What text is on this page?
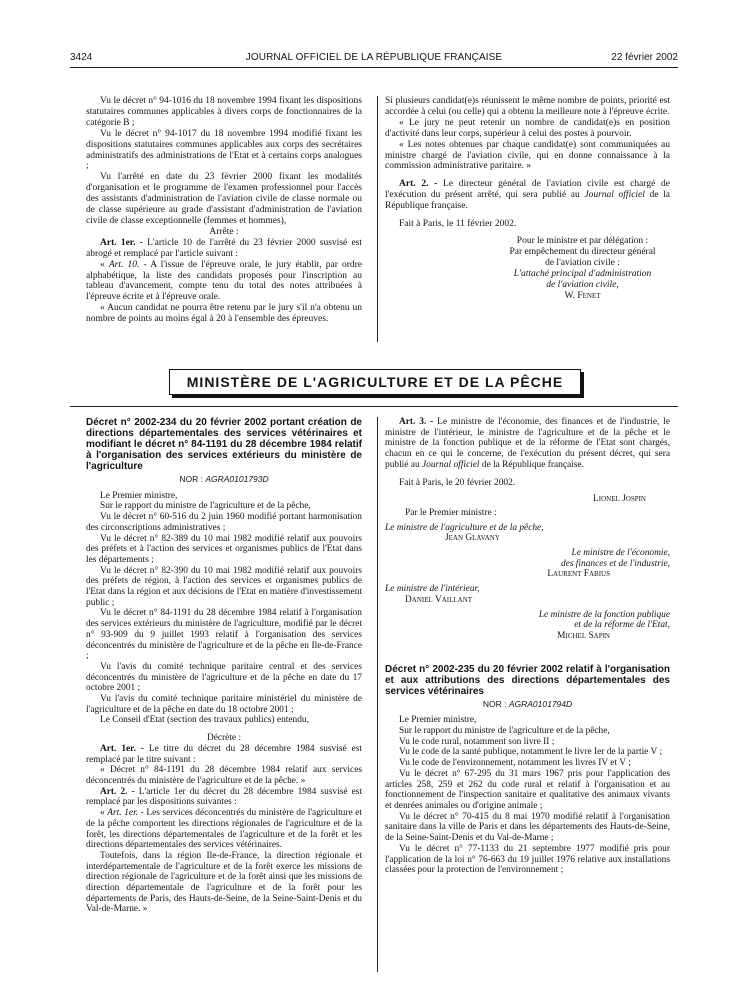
3424	JOURNAL OFFICIEL DE LA RÉPUBLIQUE FRANÇAISE	22 février 2002

Vu le décret n° 94-1016 du 18 novembre 1994 fixant les dispositions statutaires communes applicables à divers corps de fonctionnaires de la catégorie B ;

Vu le décret n° 94-1017 du 18 novembre 1994 modifié fixant les dispositions statutaires communes applicables aux corps des secrétaires administratifs des administrations de l'Etat et à certains corps analogues ;

Vu l'arrêté en date du 23 février 2000 fixant les modalités d'organisation et le programme de l'examen professionnel pour l'accès des assistants d'administration de l'aviation civile de classe normale ou de classe supérieure au grade d'assistant d'administration de l'aviation civile de classe exceptionnelle (femmes et hommes),

Arrête :

Art. 1er. - L'article 10 de l'arrêté du 23 février 2000 susvisé est abrogé et remplacé par l'article suivant :

« Art. 10. - A l'issue de l'épreuve orale, le jury établit, par ordre alphabétique, la liste des candidats proposés pour l'inscription au tableau d'avancement, compte tenu du total des notes attribuées à l'épreuve écrite et à l'épreuve orale.

« Aucun candidat ne pourra être retenu par le jury s'il n'a obtenu un nombre de points au moins égal à 20 à l'ensemble des épreuves.

Si plusieurs candidat(e)s réunissent le même nombre de points, priorité est accordée à celui (ou celle) qui a obtenu la meilleure note à l'épreuve écrite.

« Le jury ne peut retenir un nombre de candidat(e)s en position d'activité dans leur corps, supérieur à celui des postes à pourvoir.

« Les notes obtenues par chaque candidat(e) sont communiquées au ministre chargé de l'aviation civile, qui en donne connaissance à la commission administrative paritaire. »

Art. 2. - Le directeur général de l'aviation civile est chargé de l'exécution du présent arrêté, qui sera publié au Journal officiel de la République française.

Fait à Paris, le 11 février 2002.

Pour le ministre et par délégation :

Par empêchement du directeur général

de l'aviation civile :

L'attaché principal d'administration

de l'aviation civile,

W. Fenet

MINISTÈRE DE L'AGRICULTURE ET DE LA PÊCHE

Décret n° 2002-234 du 20 février 2002 portant création de directions départementales des services vétérinaires et modifiant le décret n° 84-1191 du 28 décembre 1984 relatif à l'organisation des services extérieurs du ministère de l'agriculture

NOR : AGRA0101793D

Le Premier ministre,

Sur le rapport du ministre de l'agriculture et de la pêche,

Vu le décret n° 60-516 du 2 juin 1960 modifié portant harmonisation des circonscriptions administratives ;

Vu le décret n° 82-389 du 10 mai 1982 modifié relatif aux pouvoirs des préfets et à l'action des services et organismes publics de l'Etat dans les départements ;

Vu le décret n° 82-390 du 10 mai 1982 modifié relatif aux pouvoirs des préfets de région, à l'action des services et organismes publics de l'Etat dans la région et aux décisions de l'Etat en matière d'investissement public ;

Vu le décret n° 84-1191 du 28 décembre 1984 relatif à l'organisation des services extérieurs du ministère de l'agriculture, modifié par le décret n° 93-909 du 9 juillet 1993 relatif à l'organisation des services déconcentrés du ministère de l'agriculture et de la pêche en Ile-de-France ;

Vu l'avis du comité technique paritaire central et des services déconcentrés du ministère de l'agriculture et de la pêche en date du 17 octobre 2001 ;

Vu l'avis du comité technique paritaire ministériel du ministère de l'agriculture et de la pêche en date du 18 octobre 2001 ;

Le Conseil d'Etat (section des travaux publics) entendu,

Décrète :

Art. 1er. - Le titre du décret du 28 décembre 1984 susvisé est remplacé par le titre suivant :

« Décret n° 84-1191 du 28 décembre 1984 relatif aux services déconcentrés du ministère de l'agriculture et de la pêche. »

Art. 2. - L'article 1er du décret du 28 décembre 1984 susvisé est remplacé par les dispositions suivantes :

« Art. 1er. - Les services déconcentrés du ministère de l'agriculture et de la pêche comportent les directions régionales de l'agriculture et de la forêt, les directions départementales de l'agriculture et de la forêt et les directions départementales des services vétérinaires.

Toutefois, dans la région Ile-de-France, la direction régionale et interdépartementale de l'agriculture et de la forêt exerce les missions de direction régionale de l'agriculture et de la forêt ainsi que les missions de direction départementale de l'agriculture et de la forêt pour les départements de Paris, des Hauts-de-Seine, de la Seine-Saint-Denis et du Val-de-Marne. »

Art. 3. - Le ministre de l'économie, des finances et de l'industrie, le ministre de l'intérieur, le ministre de l'agriculture et de la pêche et le ministre de la fonction publique et de la réforme de l'Etat sont chargés, chacun en ce qui le concerne, de l'exécution du présent décret, qui sera publié au Journal officiel de la République française.

Fait à Paris, le 20 février 2002.

Lionel Jospin

Par le Premier ministre :

Le ministre de l'agriculture et de la pêche,

Jean Glavany

Le ministre de l'économie,

des finances et de l'industrie,

Laurent Fabius

Le ministre de l'intérieur,

Daniel Vaillant

Le ministre de la fonction publique

et de la réforme de l'Etat,

Michel Sapin

Décret n° 2002-235 du 20 février 2002 relatif à l'organisation et aux attributions des directions départementales des services vétérinaires

NOR : AGRA0101794D

Le Premier ministre,

Sur le rapport du ministre de l'agriculture et de la pêche,

Vu le code rural, notamment son livre II ;

Vu le code de la santé publique, notamment le livre Ier de la partie V ;

Vu le code de l'environnement, notamment les livres IV et V ;

Vu le décret n° 67-295 du 31 mars 1967 pris pour l'application des articles 258, 259 et 262 du code rural et relatif à l'organisation et au fonctionnement de l'inspection sanitaire et qualitative des animaux vivants et denrées animales ou d'origine animale ;

Vu le décret n° 70-415 du 8 mai 1970 modifié relatif à l'organisation sanitaire dans la ville de Paris et dans les départements des Hauts-de-Seine, de la Seine-Saint-Denis et du Val-de-Marne ;

Vu le décret n° 77-1133 du 21 septembre 1977 modifié pris pour l'application de la loi n° 76-663 du 19 juillet 1976 relative aux installations classées pour la protection de l'environnement ;
